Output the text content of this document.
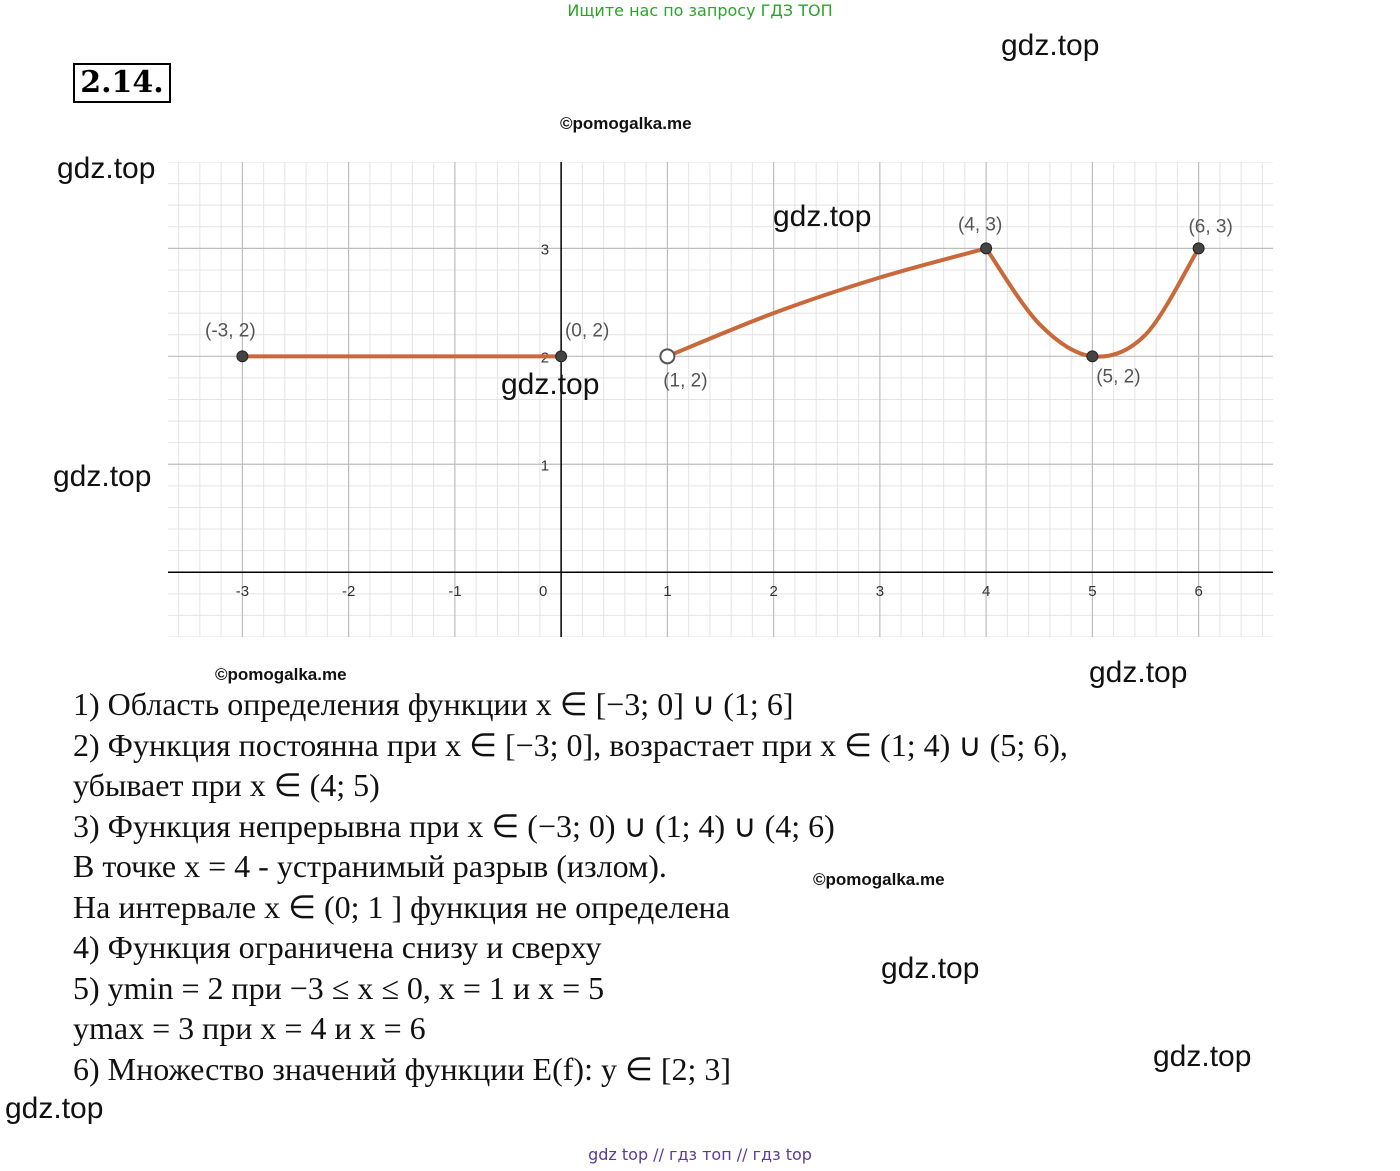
Ищите нас по запросу ГДЗ ТОП
2.14.
gdz.top
©pomogalka.me
gdz.top
-3	-2	-1	0	1	2	3	4	5	6
1
2
3
(-3, 2)	(0, 2)
(1, 2)
(4, 3)
(5, 2)
(6, 3)
gdz.top
gdz.top
gdz.top
©pomogalka.me	gdz.top
1) Область определения функции x ∈ [−3; 0] ∪ (1; 6]
2) Функция постоянна при x ∈ [−3; 0], возрастает при x ∈ (1; 4) ∪ (5; 6),
убывает при x ∈ (4; 5)
3) Функция непрерывна при x ∈ (−3; 0) ∪ (1; 4) ∪ (4; 6)
В точке x = 4 - устранимый разрыв (излом).
На интервале x ∈ (0; 1 ] функция не определена
4) Функция ограничена снизу и сверху
5) ymin = 2 при −3 ≤ x ≤ 0, x = 1 и x = 5
ymax = 3 при x = 4 и x = 6
6) Множество значений функции E(f): y ∈ [2; 3]
©pomogalka.me
gdz.top
gdz.top
gdz.top
gdz top // гдз топ // гдз top
